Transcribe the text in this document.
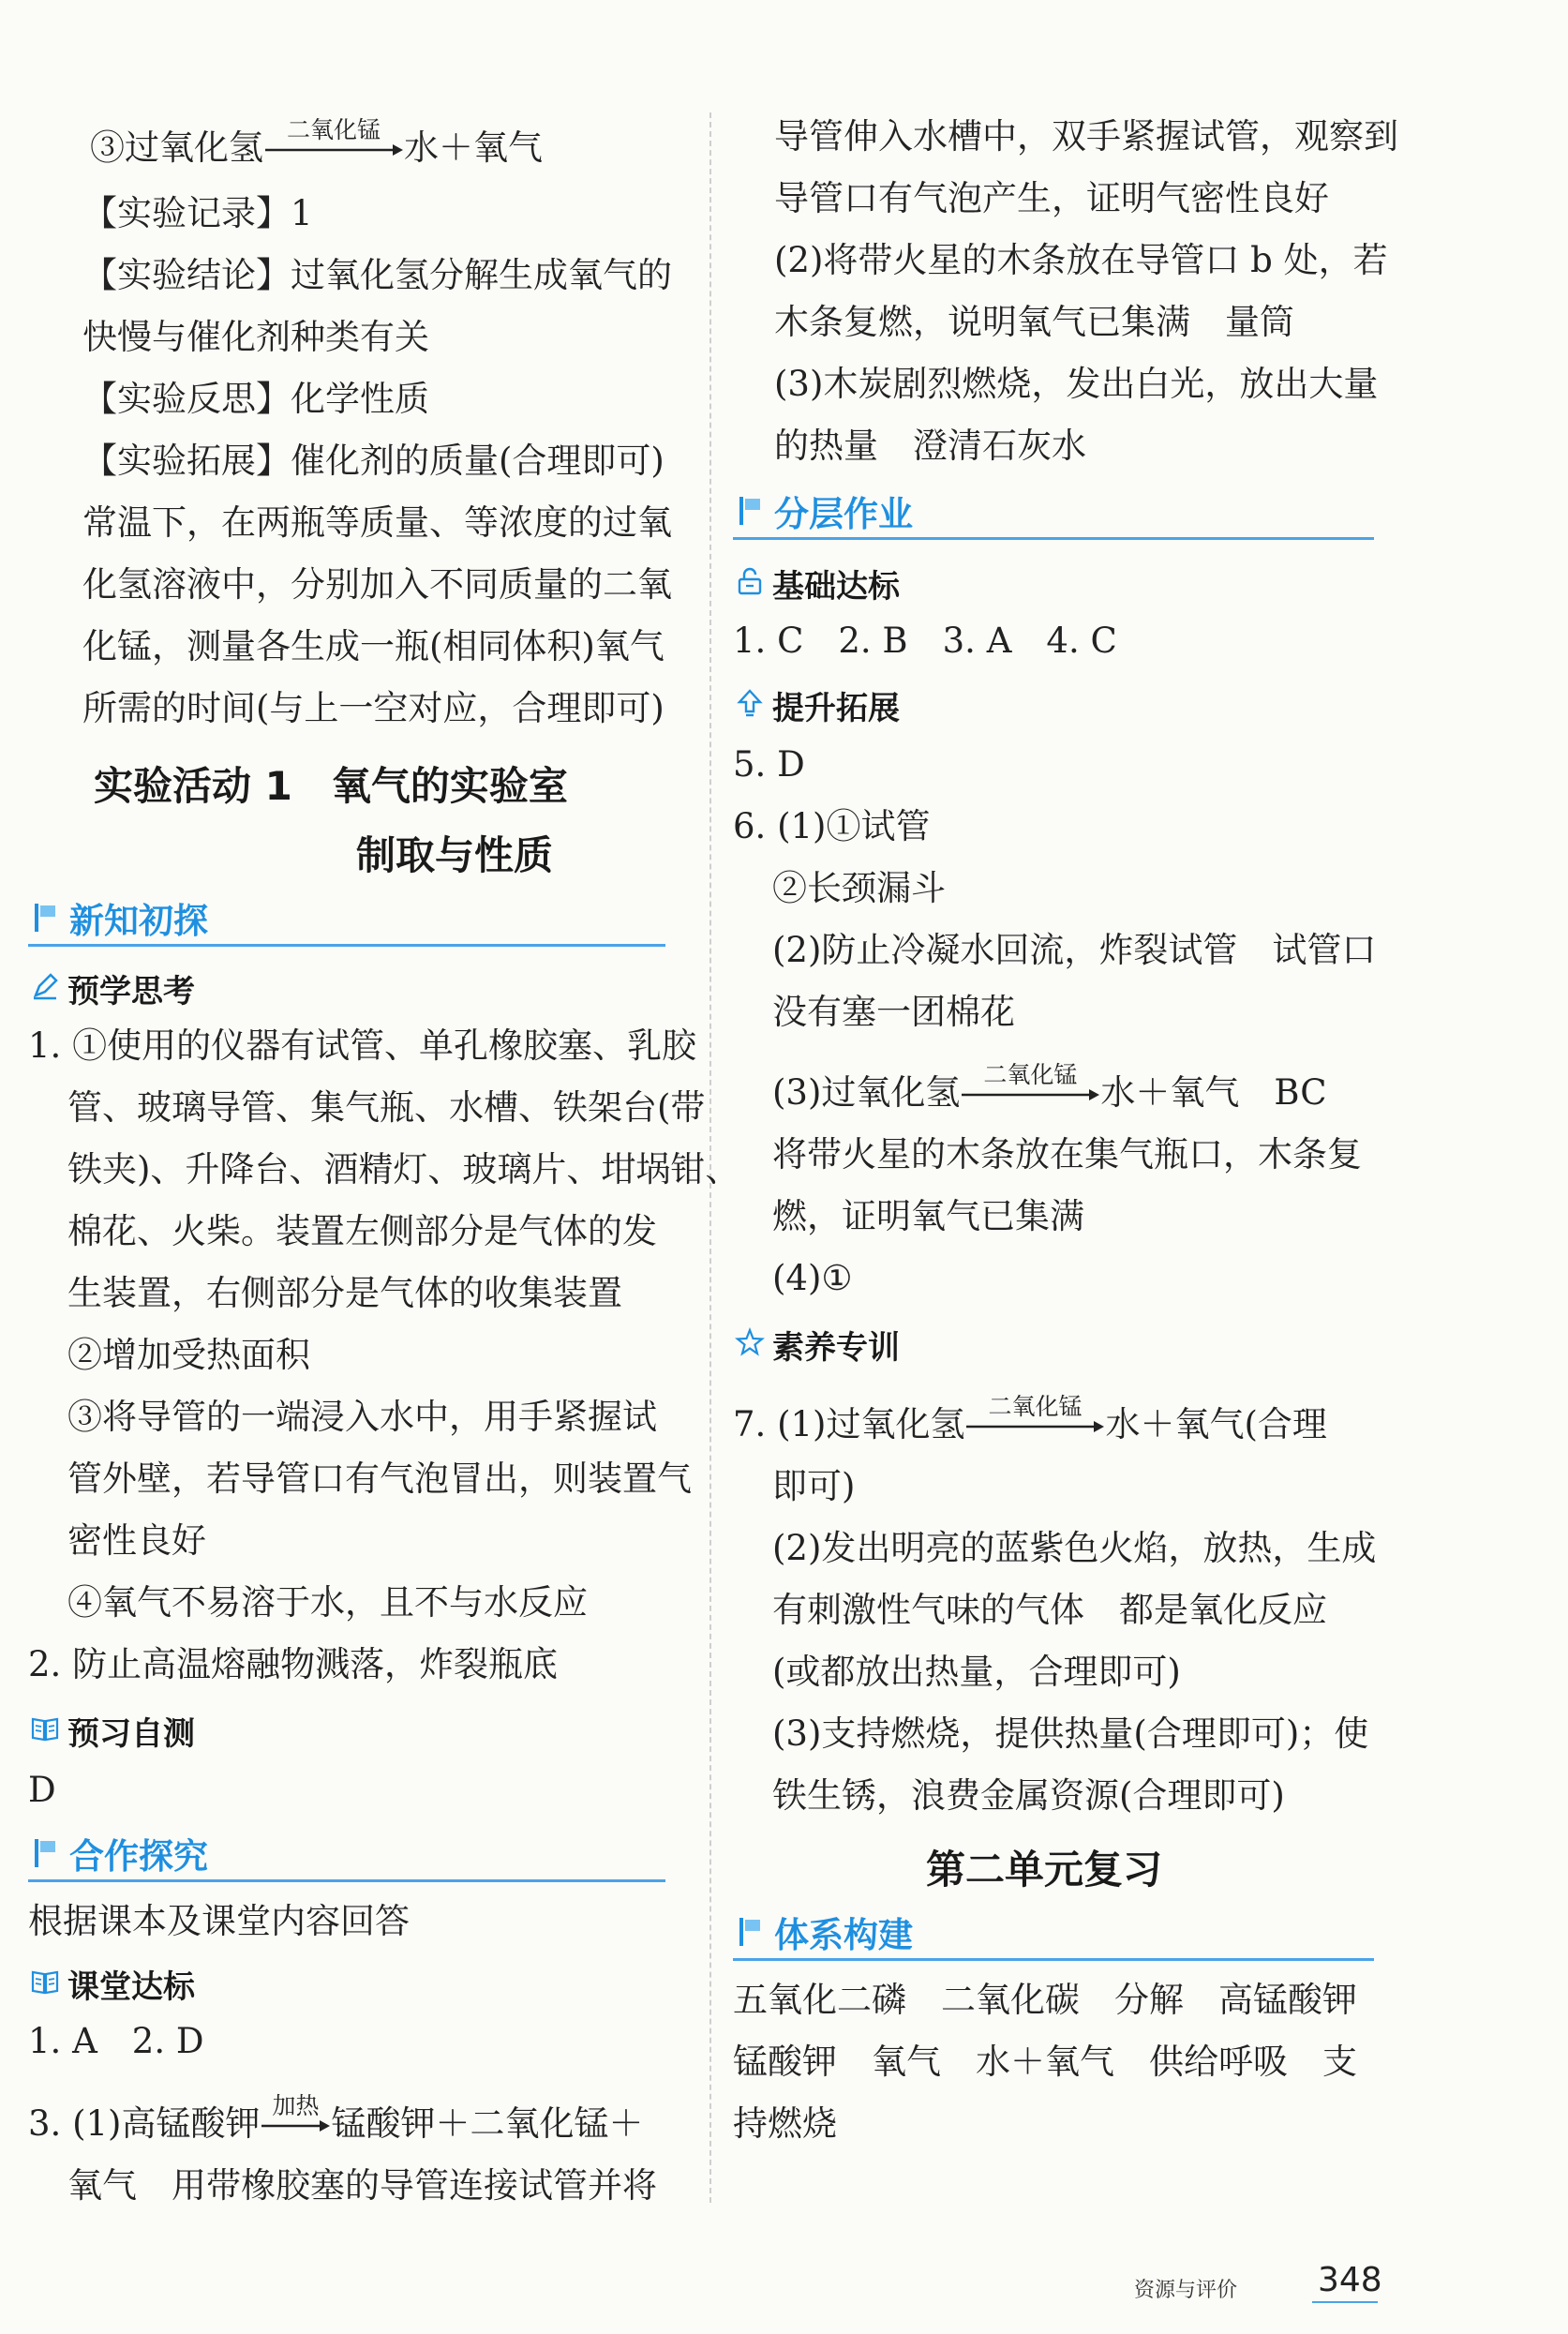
③过氧化氢 二氧化锰 水＋氧气
【实验记录】1
【实验结论】过氧化氢分解生成氧气的
快慢与催化剂种类有关
【实验反思】化学性质
【实验拓展】催化剂的质量(合理即可)
常温下，在两瓶等质量、等浓度的过氧
化氢溶液中，分别加入不同质量的二氧
化锰，测量各生成一瓶(相同体积)氧气
所需的时间(与上一空对应，合理即可)
实验活动 1　氧气的实验室
制取与性质
新知初探
预学思考
1. ①使用的仪器有试管、单孔橡胶塞、乳胶
管、玻璃导管、集气瓶、水槽、铁架台(带
铁夹)、升降台、酒精灯、玻璃片、坩埚钳、
棉花、火柴。装置左侧部分是气体的发
生装置，右侧部分是气体的收集装置
②增加受热面积
③将导管的一端浸入水中，用手紧握试
管外壁，若导管口有气泡冒出，则装置气
密性良好
④氧气不易溶于水，且不与水反应
2. 防止高温熔融物溅落，炸裂瓶底
预习自测
D
合作探究
根据课本及课堂内容回答
课堂达标
1. A　2. D
3. (1)高锰酸钾 加热 锰酸钾＋二氧化锰＋
氧气　用带橡胶塞的导管连接试管并将
导管伸入水槽中，双手紧握试管，观察到
导管口有气泡产生，证明气密性良好
(2)将带火星的木条放在导管口 b 处，若
木条复燃，说明氧气已集满　量筒
(3)木炭剧烈燃烧，发出白光，放出大量
的热量　澄清石灰水
分层作业
基础达标
1. C　2. B　3. A　4. C
提升拓展
5. D
6. (1)①试管
②长颈漏斗
(2)防止冷凝水回流，炸裂试管　试管口
没有塞一团棉花
(3)过氧化氢 二氧化锰 水＋氧气　BC
将带火星的木条放在集气瓶口，木条复
燃，证明氧气已集满
(4)①
素养专训
7. (1)过氧化氢 二氧化锰 水＋氧气(合理
即可)
(2)发出明亮的蓝紫色火焰，放热，生成
有刺激性气味的气体　都是氧化反应
(或都放出热量，合理即可)
(3)支持燃烧，提供热量(合理即可)；使
铁生锈，浪费金属资源(合理即可)
第二单元复习
体系构建
五氧化二磷　二氧化碳　分解　高锰酸钾
锰酸钾　氧气　水＋氧气　供给呼吸　支
持燃烧
资源与评价 348
